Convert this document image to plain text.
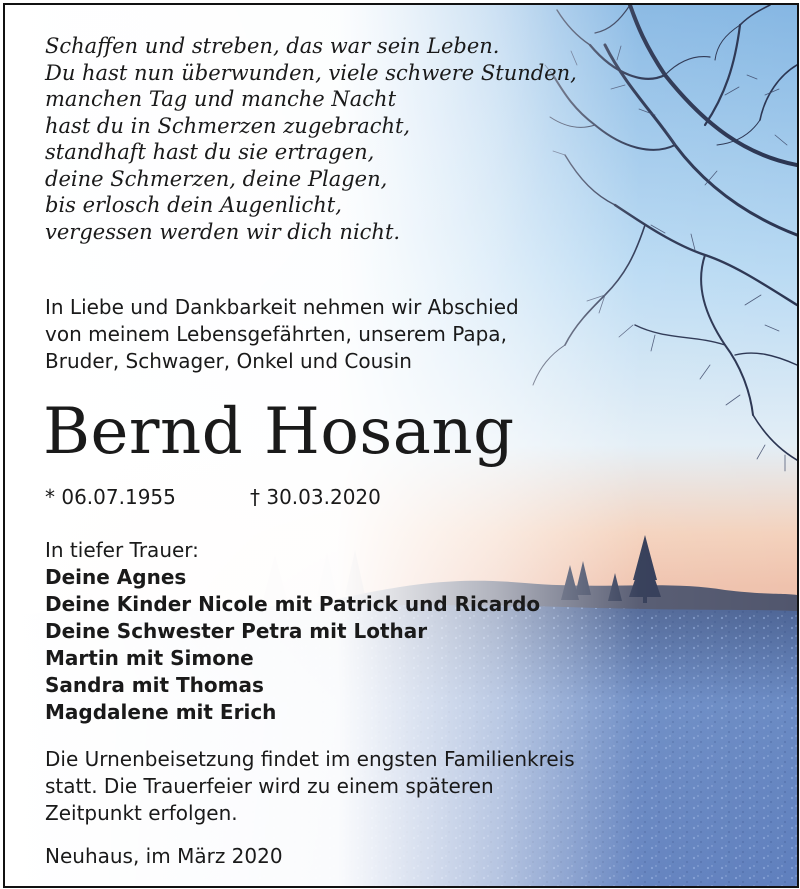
Schaffen und streben, das war sein Leben.
Du hast nun überwunden, viele schwere Stunden,
manchen Tag und manche Nacht
hast du in Schmerzen zugebracht,
standhaft hast du sie ertragen,
deine Schmerzen, deine Plagen,
bis erlosch dein Augenlicht,
vergessen werden wir dich nicht.
In Liebe und Dankbarkeit nehmen wir Abschied
von meinem Lebensgefährten, unserem Papa,
Bruder, Schwager, Onkel und Cousin
Bernd Hosang
* 06.07.1955	† 30.03.2020
In tiefer Trauer:
Deine Agnes
Deine Kinder Nicole mit Patrick und Ricardo
Deine Schwester Petra mit Lothar
Martin mit Simone
Sandra mit Thomas
Magdalene mit Erich
Die Urnenbeisetzung findet im engsten Familienkreis
statt. Die Trauerfeier wird zu einem späteren
Zeitpunkt erfolgen.
Neuhaus, im März 2020
